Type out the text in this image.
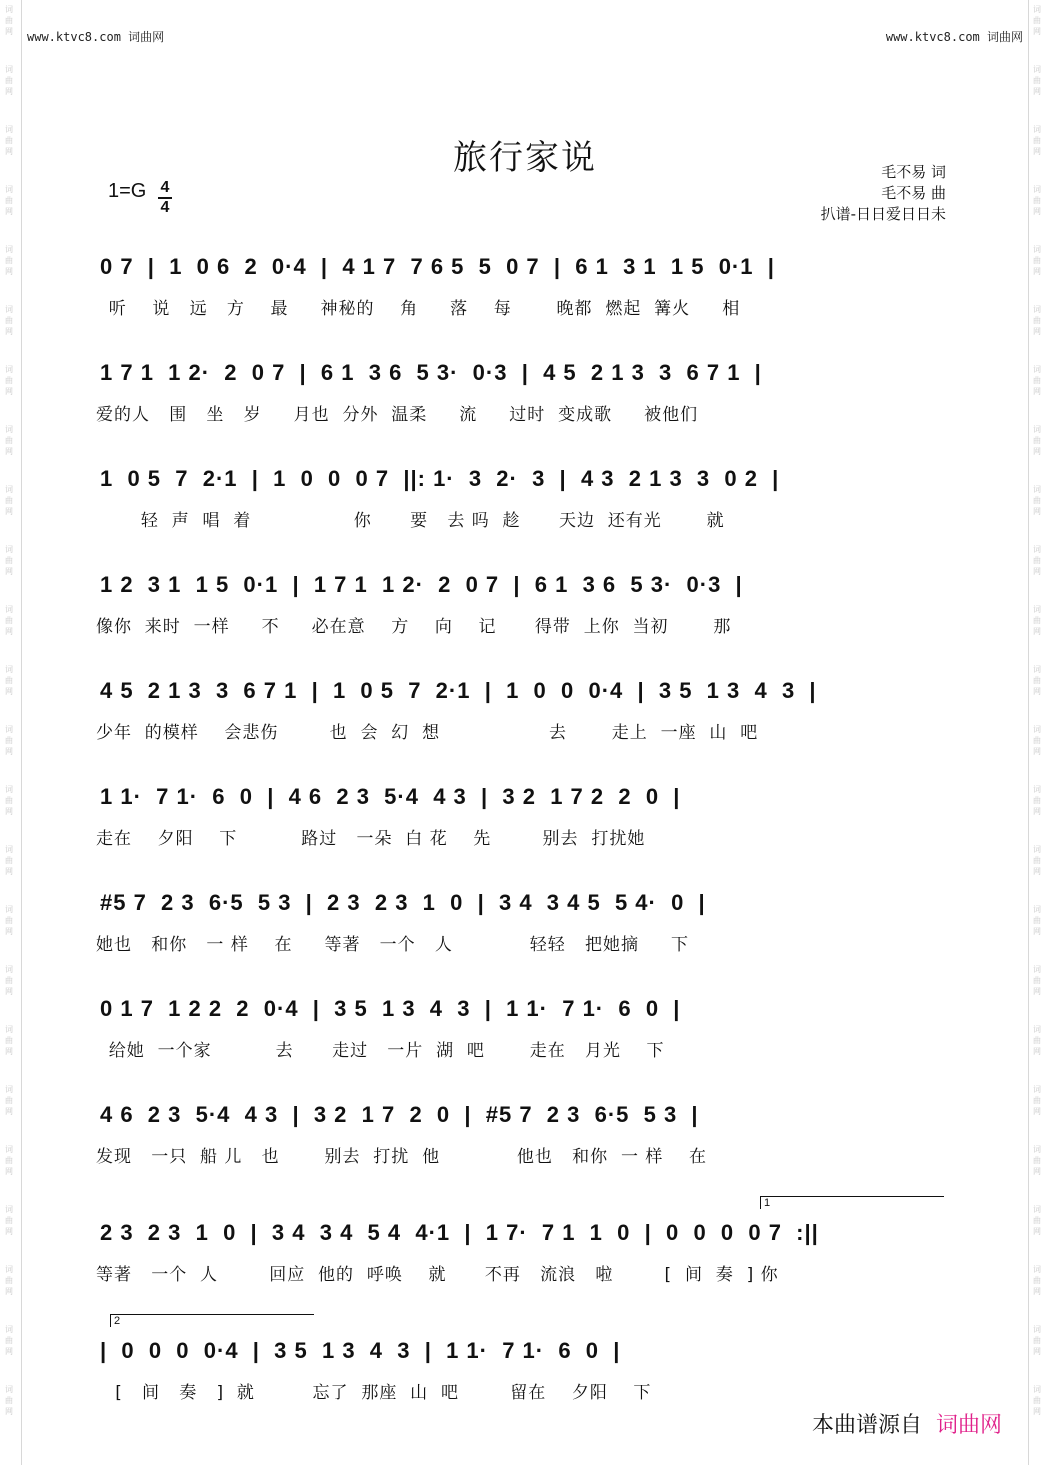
词
曲
网
词
曲
网
词
曲
网
词
曲
网
词
曲
网
词
曲
网
词
曲
网
词
曲
网
词
曲
网
词
曲
网
词
曲
网
词
曲
网
词
曲
网
词
曲
网
词
曲
网
词
曲
网
词
曲
网
词
曲
网
词
曲
网
词
曲
网
词
曲
网
词
曲
网
词
曲
网
词
曲
网
词
曲
网
词
曲
网
词
曲
网
词
曲
网
词
曲
网
词
曲
网
词
曲
网
词
曲
网
词
曲
网
词
曲
网
词
曲
网
词
曲
网
词
曲
网
词
曲
网
词
曲
网
词
曲
网
词
曲
网
词
曲
网
词
曲
网
词
曲
网
词
曲
网
词
曲
网
词
曲
网
词
曲
网
www.ktvc8.com 词曲网	www.ktvc8.com 词曲网
旅行家说
1=G 4
4
毛不易 词
毛不易 曲
扒谱-日日爱日日未
0 7  |  1  0 6  2  0·4  |  4 1 7  7 6 5  5  0 7  |  6 1  3 1  1 5  0·1  |
听    说   远   方    最     神秘的    角     落    每       晚都  燃起  篝火     相
1 7 1  1 2·  2  0 7  |  6 1  3 6  5 3·  0·3  |  4 5  2 1 3  3  6 7 1  |
爱的人   围   坐   岁     月也  分外  温柔     流     过时  变成歌     被他们
1  0 5  7  2·1  |  1  0  0  0 7  ||: 1·  3  2·  3  |  4 3  2 1 3  3  0 2  |
轻  声  唱  着                你      要   去 吗  趁      天边  还有光       就
1 2  3 1  1 5  0·1  |  1 7 1  1 2·  2  0 7  |  6 1  3 6  5 3·  0·3  |
像你  来时  一样     不     必在意    方    向    记      得带  上你  当初       那
4 5  2 1 3  3  6 7 1  |  1  0 5  7  2·1  |  1  0  0  0·4  |  3 5  1 3  4  3  |
少年  的模样    会悲伤        也  会  幻  想                 去       走上  一座  山  吧
1 1·  7 1·  6  0  |  4 6  2 3  5·4  4 3  |  3 2  1 7 2  2  0  |
走在    夕阳    下          路过   一朵  白 花    先        别去  打扰她
#5 7  2 3  6·5  5 3  |  2 3  2 3  1  0  |  3 4  3 4 5  5 4·  0  |
她也   和你   一 样    在     等著   一个   人            轻轻   把她摘     下
0 1 7  1 2 2  2  0·4  |  3 5  1 3  4  3  |  1 1·  7 1·  6  0  |
给她  一个家          去      走过   一片  湖  吧       走在   月光    下
4 6  2 3  5·4  4 3  |  3 2  1 7  2  0  |  #5 7  2 3  6·5  5 3  |
发现   一只  船 儿   也       别去  打扰  他            他也   和你  一 样    在
1
2 3  2 3  1  0  |  3 4  3 4  5 4  4·1  |  1 7·  7 1  1  0  |  0  0  0  0 7  :||
等著   一个  人        回应  他的  呼唤    就      不再   流浪   啦        [  间  奏  ] 你
2
|  0  0  0  0·4  |  3 5  1 3  4  3  |  1 1·  7 1·  6  0  |
[   间   奏   ]  就         忘了  那座  山  吧        留在    夕阳    下
本曲谱源自 词曲网
